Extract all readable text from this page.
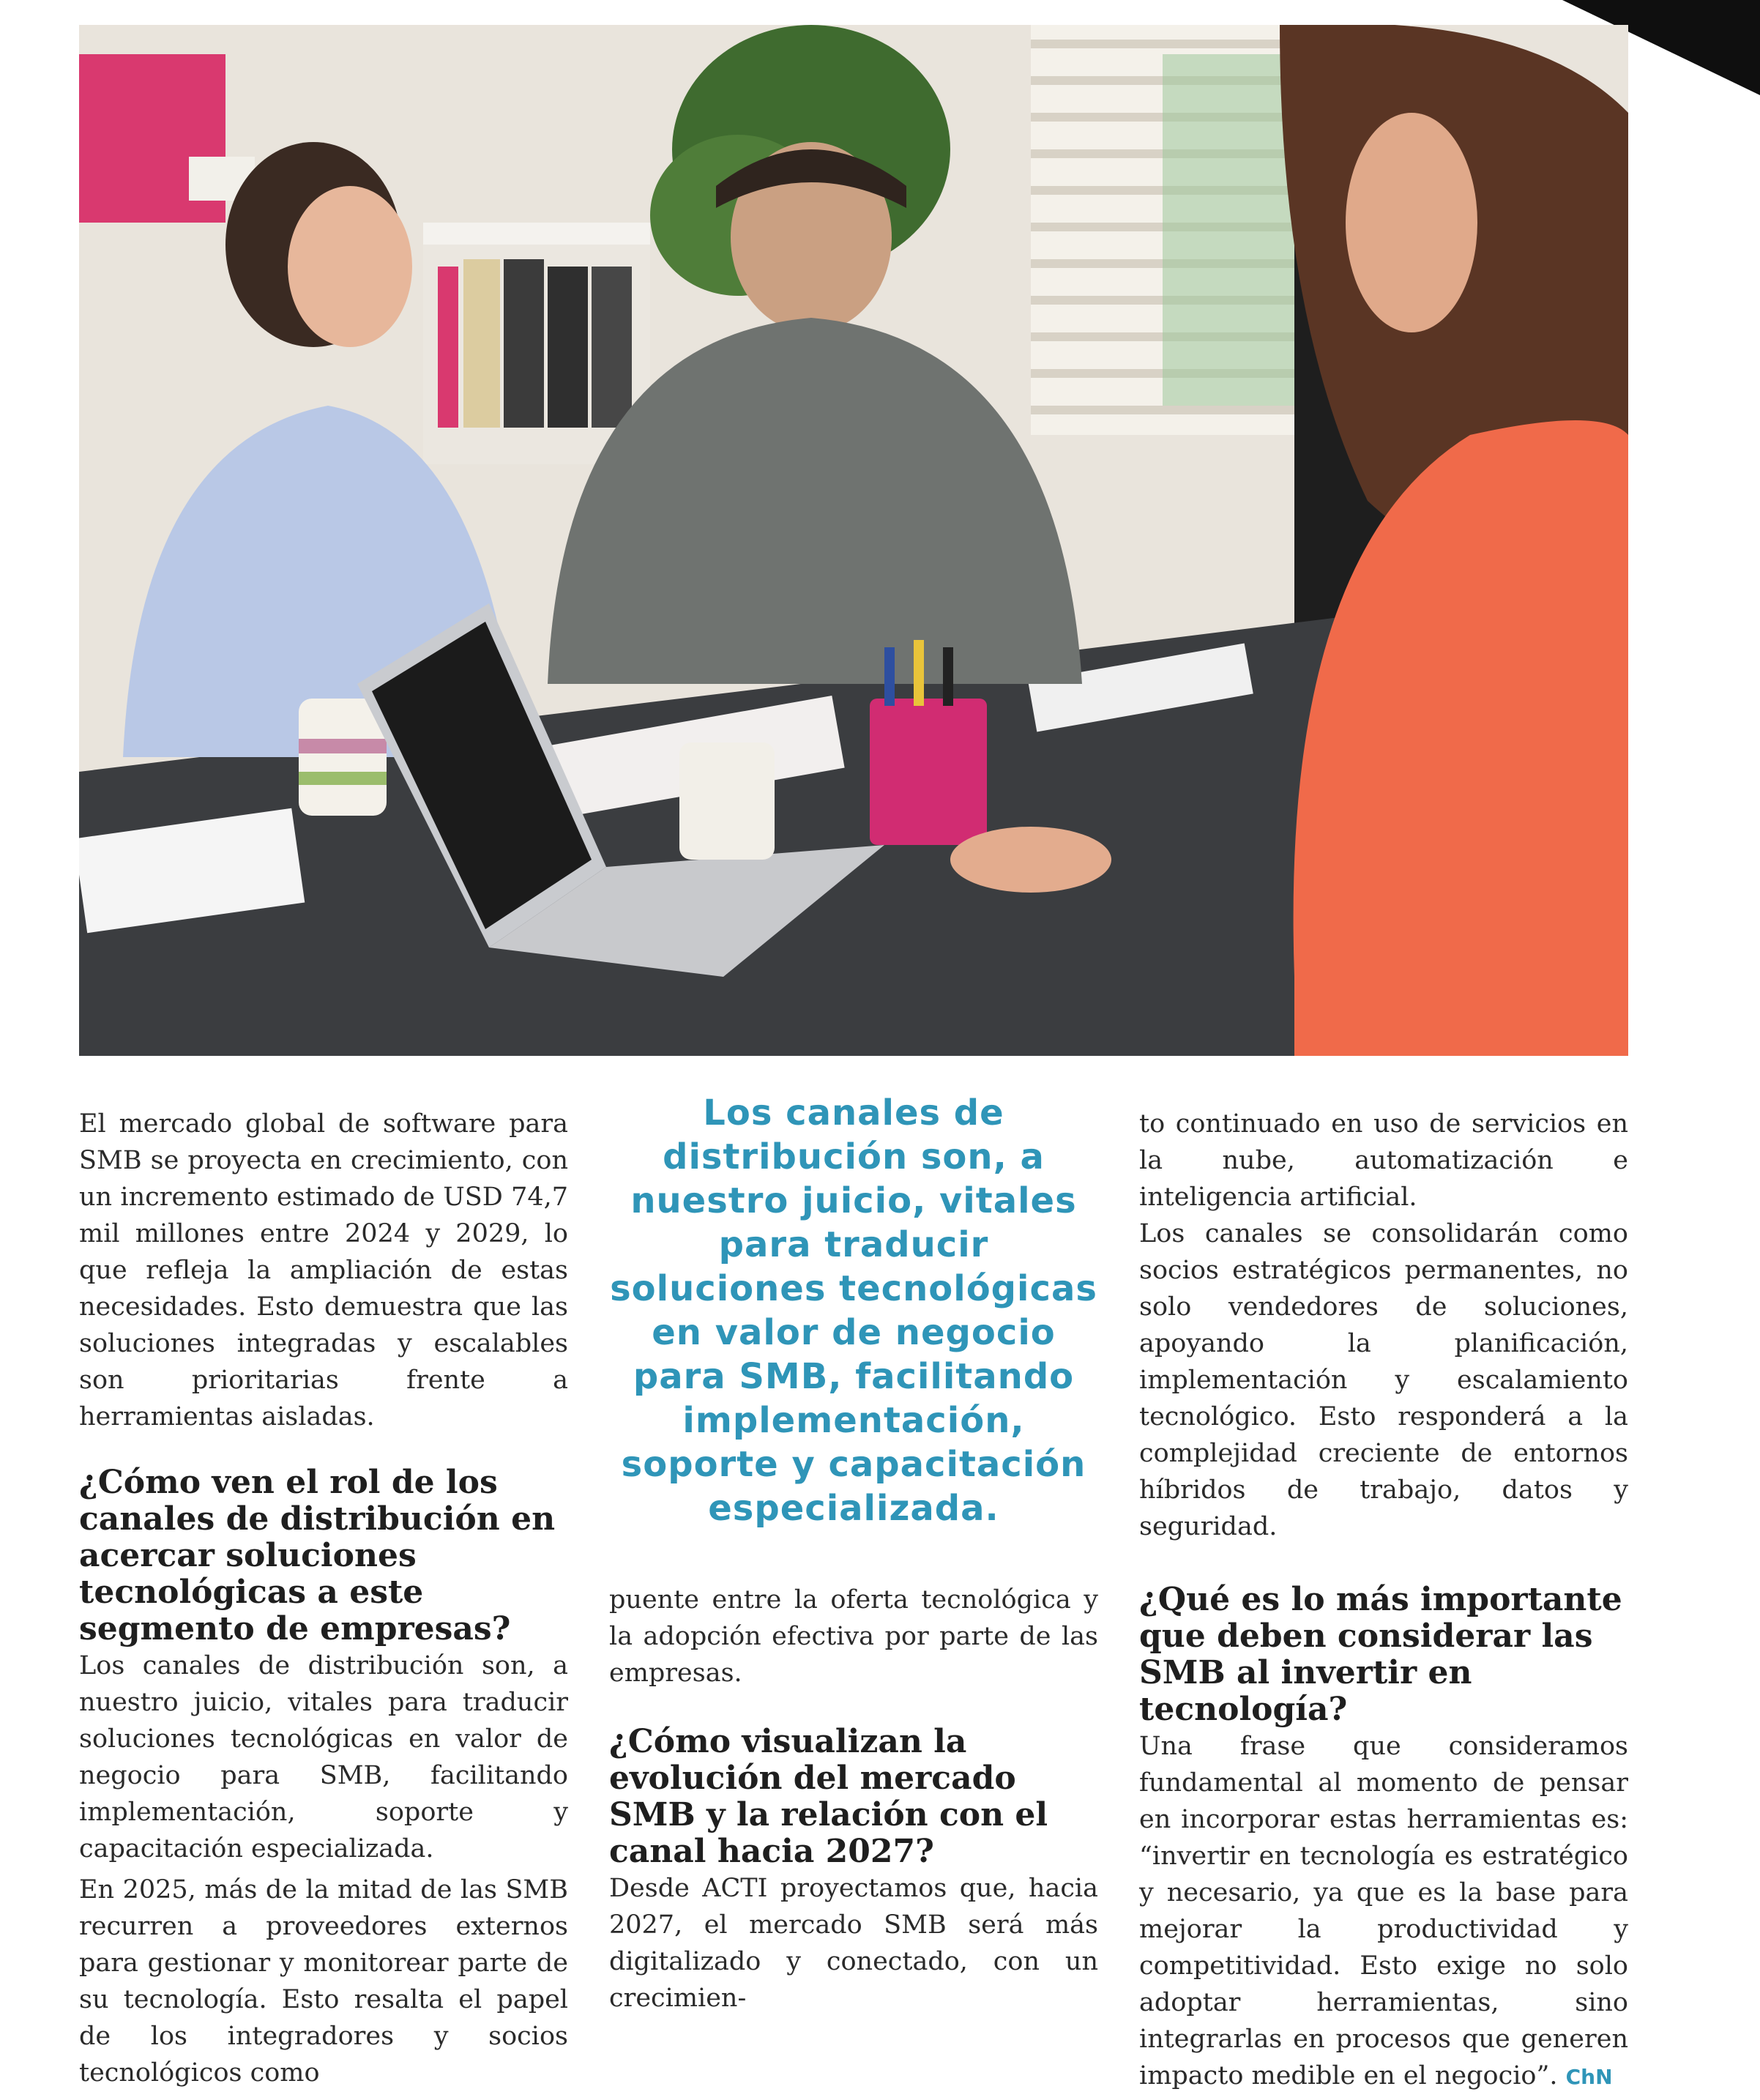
El mercado global de software para SMB se proyecta en crecimiento, con un incremento estimado de USD 74,7 mil millones entre 2024 y 2029, lo que refleja la ampliación de estas necesidades. Esto demuestra que las soluciones integradas y escalables son prioritarias frente a herramientas aisladas.

¿Cómo ven el rol de los canales de distribución en acercar soluciones tecnológicas a este segmento de empresas?

Los canales de distribución son, a nuestro juicio, vitales para traducir soluciones tecnológicas en valor de negocio para SMB, facilitando implementación, soporte y capacitación especializada.

En 2025, más de la mitad de las SMB recurren a proveedores externos para gestionar y monitorear parte de su tecnología. Esto resalta el papel de los integradores y socios tecnológicos como

Los canales de distribución son, a nuestro juicio, vitales para traducir soluciones tecnológicas en valor de negocio para SMB, facilitando implementación, soporte y capacitación especializada.

puente entre la oferta tecnológica y la adopción efectiva por parte de las empresas.

¿Cómo visualizan la evolución del mercado SMB y la relación con el canal hacia 2027?

Desde ACTI proyectamos que, hacia 2027, el mercado SMB será más digitalizado y conectado, con un crecimien-

to continuado en uso de servicios en la nube, automatización e inteligencia artificial.

Los canales se consolidarán como socios estratégicos permanentes, no solo vendedores de soluciones, apoyando la planificación, implementación y escalamiento tecnológico. Esto responderá a la complejidad creciente de entornos híbridos de trabajo, datos y seguridad.

¿Qué es lo más importante que deben considerar las SMB al invertir en tecnología?

Una frase que consideramos fundamental al momento de pensar en incorporar estas herramientas es: “invertir en tecnología es estratégico y necesario, ya que es la base para mejorar la productividad y competitividad. Esto exige no solo adoptar herramientas, sino integrarlas en procesos que generen impacto medible en el negocio”. ChN
